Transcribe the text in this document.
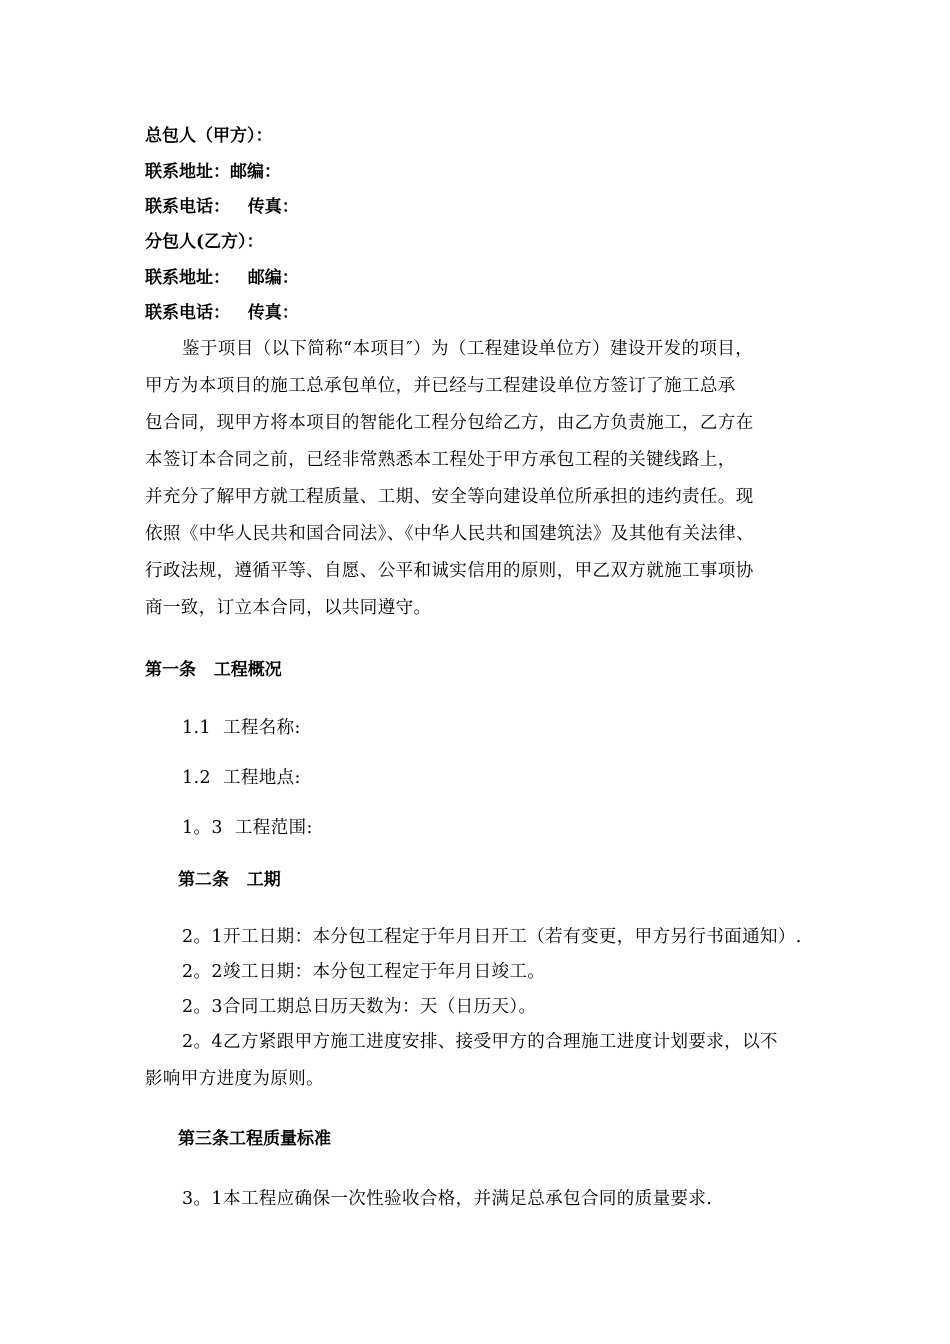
总包人（甲方）：
联系地址：邮编：
联系电话：   传真：
分包人(乙方）：
联系地址：   邮编：
联系电话：   传真：
鉴于项目（以下简称“本项目″）为（工程建设单位方）建设开发的项目，
甲方为本项目的施工总承包单位，并已经与工程建设单位方签订了施工总承
包合同，现甲方将本项目的智能化工程分包给乙方，由乙方负责施工，乙方在
本签订本合同之前，已经非常熟悉本工程处于甲方承包工程的关键线路上，
并充分了解甲方就工程质量、工期、安全等向建设单位所承担的违约责任。现
依照《中华人民共和国合同法》、《中华人民共和国建筑法》及其他有关法律、
行政法规，遵循平等、自愿、公平和诚实信用的原则，甲乙双方就施工事项协
商一致，订立本合同，以共同遵守。
第一条   工程概况
1.1  工程名称:
1.2  工程地点:
1。3  工程范围:
第二条   工期
2。1开工日期：本分包工程定于年月日开工（若有变更，甲方另行书面通知）.
2。2竣工日期：本分包工程定于年月日竣工。
2。3合同工期总日历天数为：天（日历天）。
2。4乙方紧跟甲方施工进度安排、接受甲方的合理施工进度计划要求，以不
影响甲方进度为原则。
第三条工程质量标准
3。1本工程应确保一次性验收合格，并满足总承包合同的质量要求.
